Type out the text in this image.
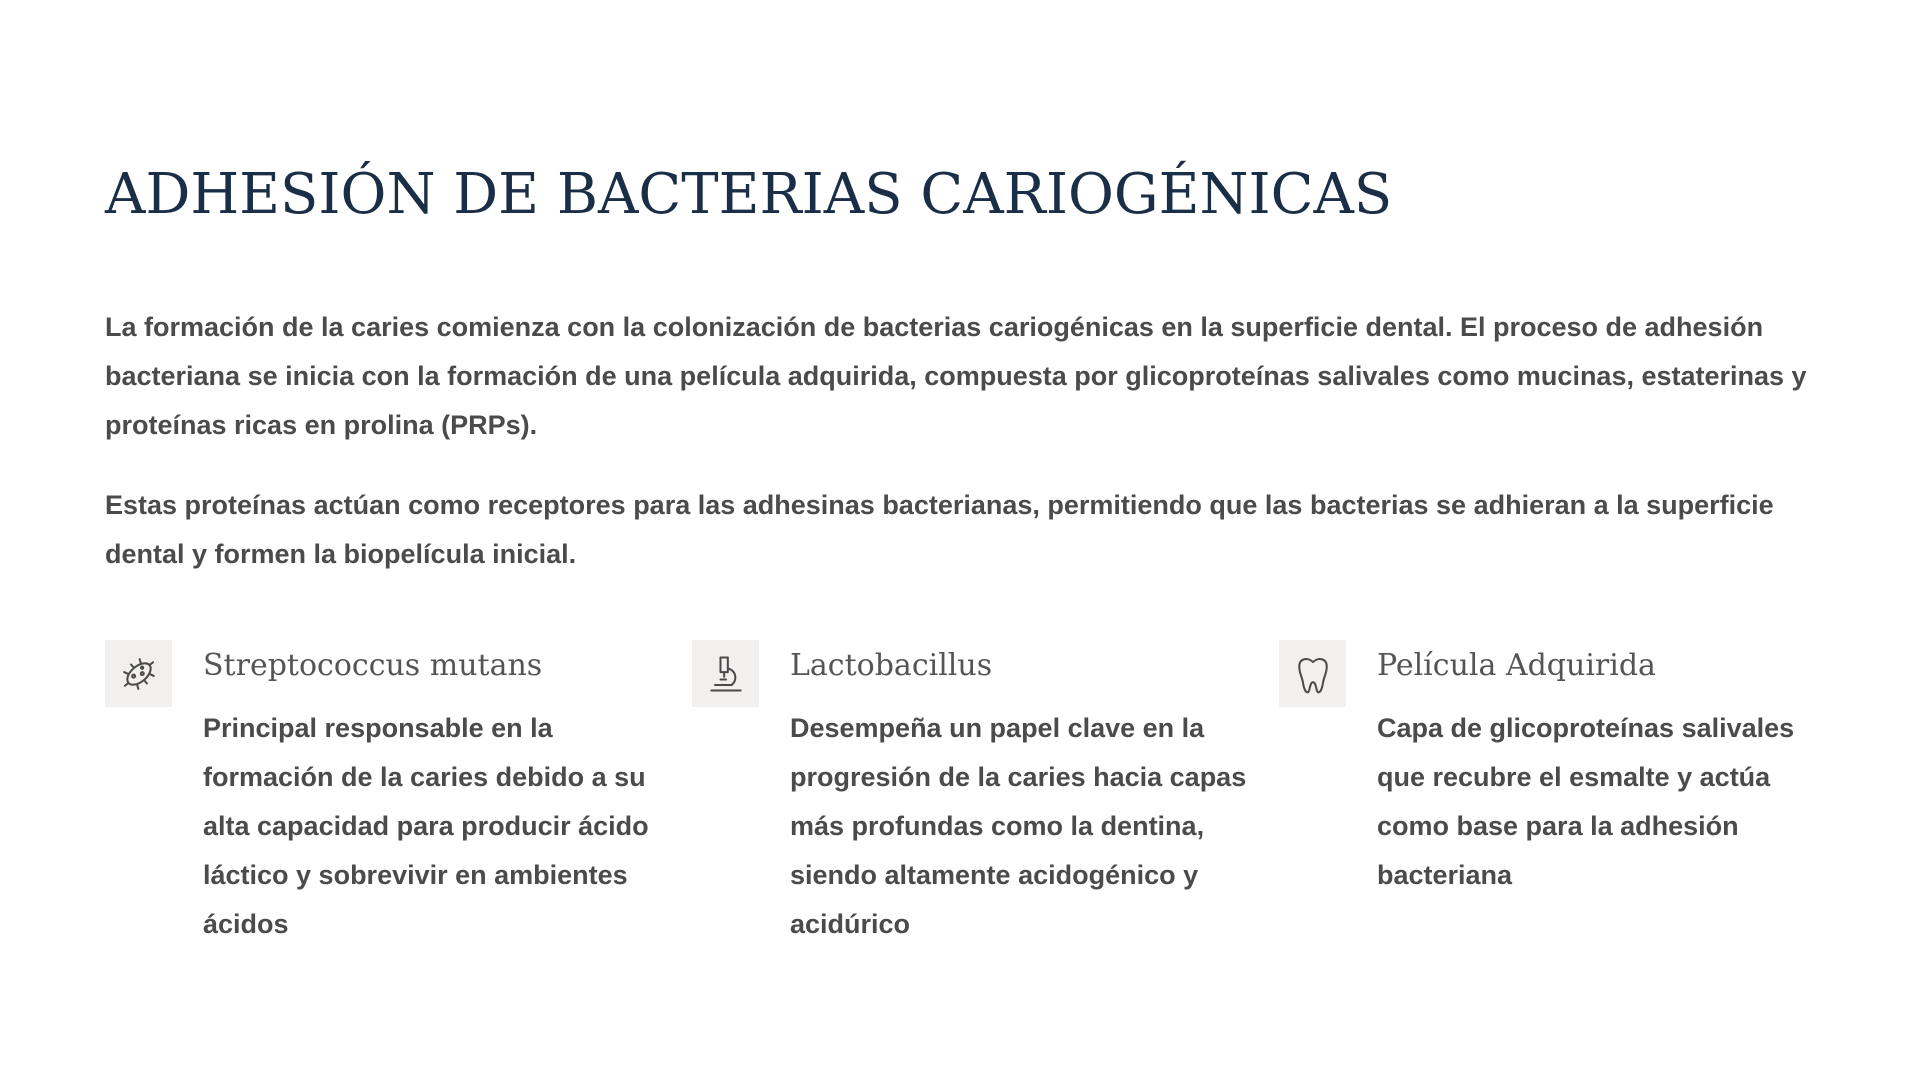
ADHESIÓN DE BACTERIAS CARIOGÉNICAS

La formación de la caries comienza con la colonización de bacterias cariogénicas en la superficie dental. El proceso de adhesión bacteriana se inicia con la formación de una película adquirida, compuesta por glicoproteínas salivales como mucinas, estaterinas y proteínas ricas en prolina (PRPs).

Estas proteínas actúan como receptores para las adhesinas bacterianas, permitiendo que las bacterias se adhieran a la superficie dental y formen la biopelícula inicial.

Streptococcus mutans
Principal responsable en la formación de la caries debido a su alta capacidad para producir ácido láctico y sobrevivir en ambientes ácidos
Lactobacillus
Desempeña un papel clave en la progresión de la caries hacia capas más profundas como la dentina, siendo altamente acidogénico y acidúrico
Película Adquirida
Capa de glicoproteínas salivales que recubre el esmalte y actúa como base para la adhesión bacteriana
